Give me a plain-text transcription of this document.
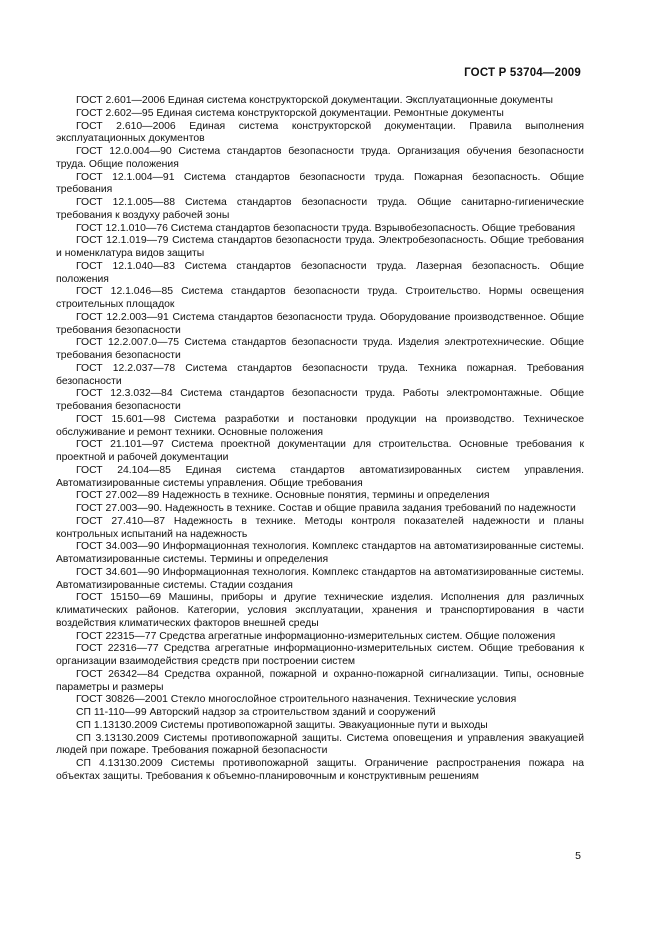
ГОСТ Р 53704—2009

ГОСТ 2.601—2006 Единая система конструкторской документации. Эксплуатационные документы

ГОСТ 2.602—95 Единая система конструкторской документации. Ремонтные документы

ГОСТ 2.610—2006 Единая система конструкторской документации. Правила выполнения эксплуатационных документов

ГОСТ 12.0.004—90 Система стандартов безопасности труда. Организация обучения безопасности труда. Общие положения

ГОСТ 12.1.004—91 Система стандартов безопасности труда. Пожарная безопасность. Общие требования

ГОСТ 12.1.005—88 Система стандартов безопасности труда. Общие санитарно-гигиенические требования к воздуху рабочей зоны

ГОСТ 12.1.010—76 Система стандартов безопасности труда. Взрывобезопасность. Общие требования

ГОСТ 12.1.019—79 Система стандартов безопасности труда. Электробезопасность. Общие требования и номенклатура видов защиты

ГОСТ 12.1.040—83 Система стандартов безопасности труда. Лазерная безопасность. Общие положения

ГОСТ 12.1.046—85 Система стандартов безопасности труда. Строительство. Нормы освещения строительных площадок

ГОСТ 12.2.003—91 Система стандартов безопасности труда. Оборудование производственное. Общие требования безопасности

ГОСТ 12.2.007.0—75 Система стандартов безопасности труда. Изделия электротехнические. Общие требования безопасности

ГОСТ 12.2.037—78 Система стандартов безопасности труда. Техника пожарная. Требования безопасности

ГОСТ 12.3.032—84 Система стандартов безопасности труда. Работы электромонтажные. Общие требования безопасности

ГОСТ 15.601—98 Система разработки и постановки продукции на производство. Техническое обслуживание и ремонт техники. Основные положения

ГОСТ 21.101—97 Система проектной документации для строительства. Основные требования к проектной и рабочей документации

ГОСТ 24.104—85 Единая система стандартов автоматизированных систем управления. Автоматизированные системы управления. Общие требования

ГОСТ 27.002—89 Надежность в технике. Основные понятия, термины и определения

ГОСТ 27.003—90. Надежность в технике. Состав и общие правила задания требований по надежности

ГОСТ 27.410—87 Надежность в технике. Методы контроля показателей надежности и планы контрольных испытаний на надежность

ГОСТ 34.003—90 Информационная технология. Комплекс стандартов на автоматизированные системы. Автоматизированные системы. Термины и определения

ГОСТ 34.601—90 Информационная технология. Комплекс стандартов на автоматизированные системы. Автоматизированные системы. Стадии создания

ГОСТ 15150—69 Машины, приборы и другие технические изделия. Исполнения для различных климатических районов. Категории, условия эксплуатации, хранения и транспортирования в части воздействия климатических факторов внешней среды

ГОСТ 22315—77 Средства агрегатные информационно-измерительных систем. Общие положения

ГОСТ 22316—77 Средства агрегатные информационно-измерительных систем. Общие требования к организации взаимодействия средств при построении систем

ГОСТ 26342—84 Средства охранной, пожарной и охранно-пожарной сигнализации. Типы, основные параметры и размеры

ГОСТ 30826—2001 Стекло многослойное строительного назначения. Технические условия

СП 11-110—99 Авторский надзор за строительством зданий и сооружений

СП 1.13130.2009 Системы противопожарной защиты. Эвакуационные пути и выходы

СП 3.13130.2009 Системы противопожарной защиты. Система оповещения и управления эвакуацией людей при пожаре. Требования пожарной безопасности

СП 4.13130.2009 Системы противопожарной защиты. Ограничение распространения пожара на объектах защиты. Требования к объемно-планировочным и конструктивным решениям

5
